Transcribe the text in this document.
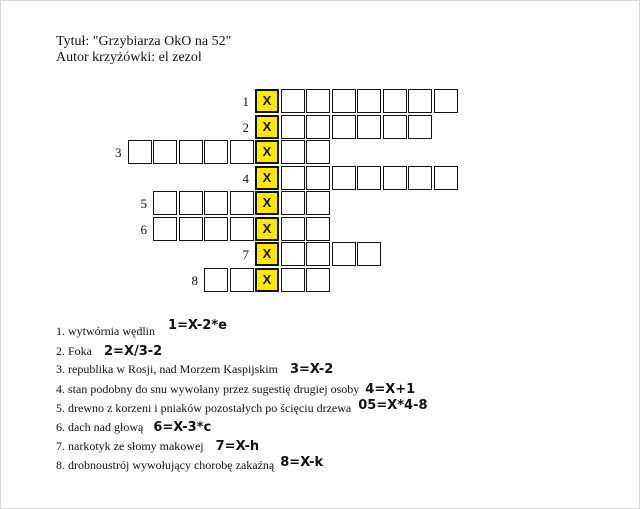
Tytuł: "Grzybiarza OkO na 52"
Autor krzyżówki: el zezol
X
1
X
2
X
3
X
4
X
5
X
6
X
7
X
8
1. wytwórnia wędlin $^{1=X-2*e}$
2. Foka 2=X/3-2
3. republika w Rosji, nad Morzem Kaspijskim 3=X-2
4. stan podobny do snu wywołany przez sugestię drugiej osoby 4=X+1
5. drewno z korzeni i pniaków pozostałych po ścięciu drzewa 05=X*4-8
6. dach nad głową 6=X-3*c
7. narkotyk ze słomy makowej 7=X-h
8. drobnoustrój wywołujący chorobę zakaźną 8=X-k
